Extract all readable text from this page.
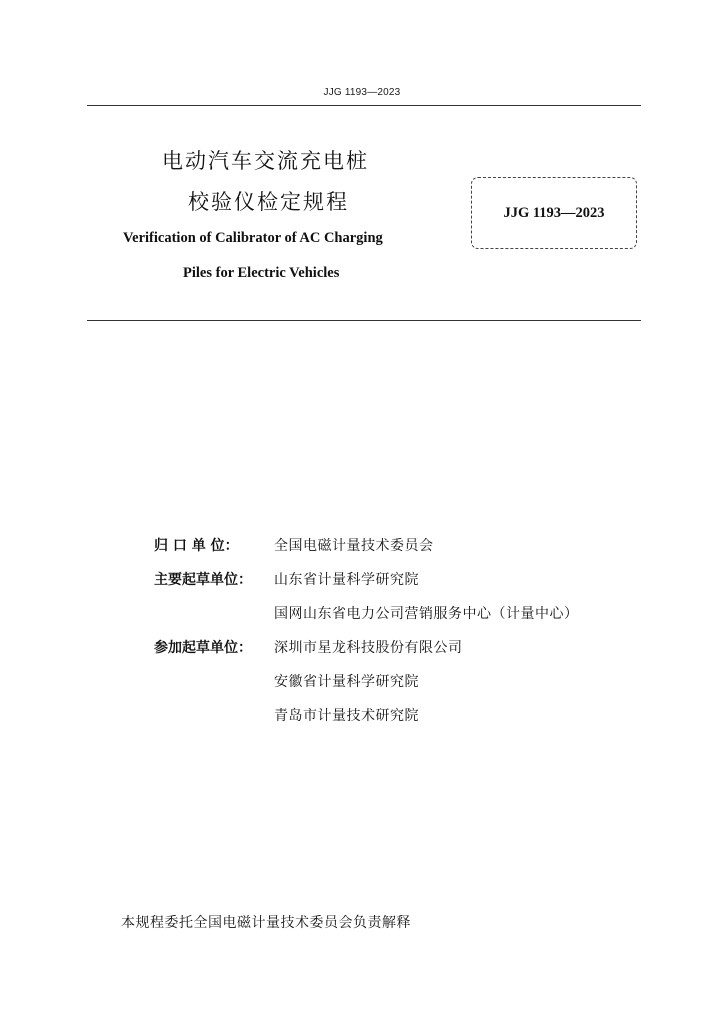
JJG 1193—2023
电动汽车交流充电桩
校验仪检定规程
Verification of Calibrator of AC Charging
Piles for Electric Vehicles
JJG 1193—2023
归 口 单 位：	全国电磁计量技术委员会
主要起草单位：	山东省计量科学研究院
国网山东省电力公司营销服务中心（计量中心）
参加起草单位：	深圳市星龙科技股份有限公司
安徽省计量科学研究院
青岛市计量技术研究院
本规程委托全国电磁计量技术委员会负责解释
